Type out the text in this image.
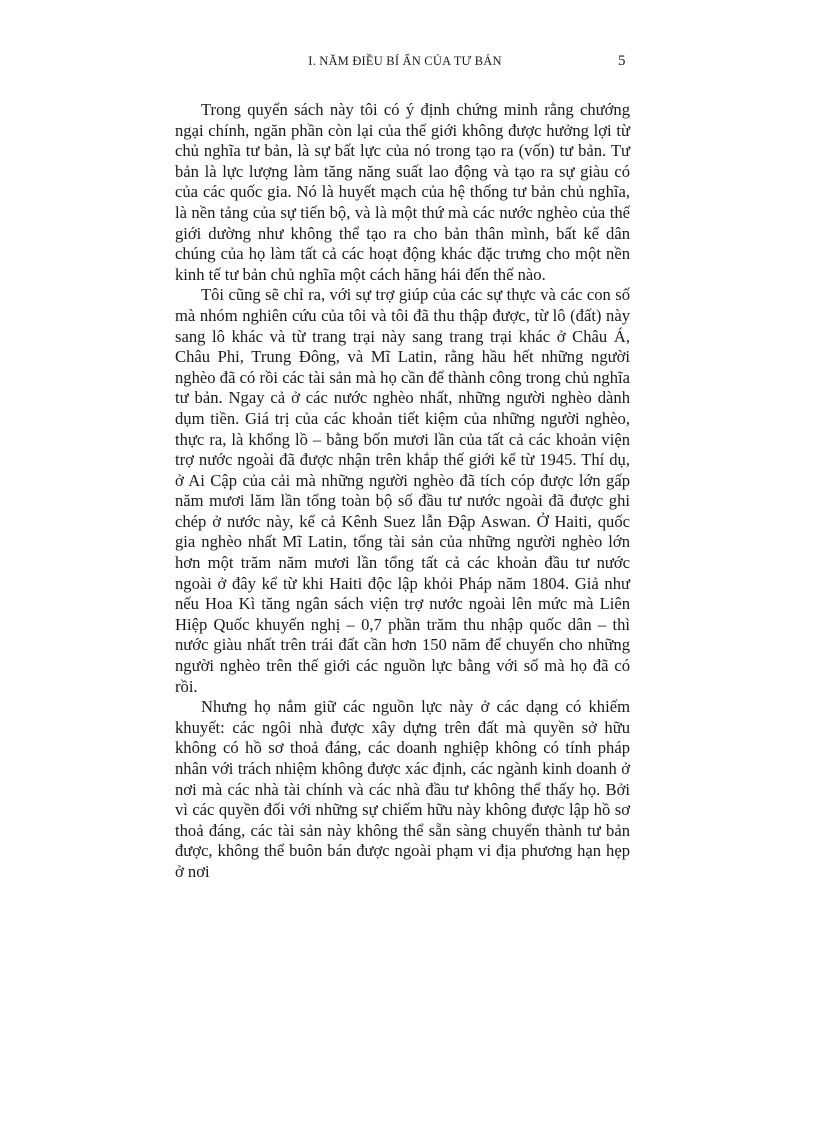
I. NĂM ĐIỀU BÍ ẨN CỦA TƯ BẢN	5

Trong quyển sách này tôi có ý định chứng minh rằng chướng ngại chính, ngăn phần còn lại của thế giới không được hưởng lợi từ chủ nghĩa tư bản, là sự bất lực của nó trong tạo ra (vốn) tư bản. Tư bản là lực lượng làm tăng năng suất lao động và tạo ra sự giàu có của các quốc gia. Nó là huyết mạch của hệ thống tư bản chủ nghĩa, là nền tảng của sự tiến bộ, và là một thứ mà các nước nghèo của thế giới dường như không thể tạo ra cho bản thân mình, bất kể dân chúng của họ làm tất cả các hoạt động khác đặc trưng cho một nền kinh tế tư bản chủ nghĩa một cách hăng hái đến thế nào.

Tôi cũng sẽ chỉ ra, với sự trợ giúp của các sự thực và các con số mà nhóm nghiên cứu của tôi và tôi đã thu thập được, từ lô (đất) này sang lô khác và từ trang trại này sang trang trại khác ở Châu Á, Châu Phi, Trung Đông, và Mĩ Latin, rằng hầu hết những người nghèo đã có rồi các tài sản mà họ cần để thành công trong chủ nghĩa tư bản. Ngay cả ở các nước nghèo nhất, những người nghèo dành dụm tiền. Giá trị của các khoản tiết kiệm của những người nghèo, thực ra, là khổng lồ – bằng bốn mươi lần của tất cả các khoản viện trợ nước ngoài đã được nhận trên khắp thế giới kể từ 1945. Thí dụ, ở Ai Cập của cải mà những người nghèo đã tích cóp được lớn gấp năm mươi lăm lần tổng toàn bộ số đầu tư nước ngoài đã được ghi chép ở nước này, kể cả Kênh Suez lẫn Đập Aswan. Ở Haiti, quốc gia nghèo nhất Mĩ Latin, tổng tài sản của những người nghèo lớn hơn một trăm năm mươi lần tổng tất cả các khoản đầu tư nước ngoài ở đây kể từ khi Haiti độc lập khỏi Pháp năm 1804. Giả như nếu Hoa Kì tăng ngân sách viện trợ nước ngoài lên mức mà Liên Hiệp Quốc khuyến nghị – 0,7 phần trăm thu nhập quốc dân – thì nước giàu nhất trên trái đất cần hơn 150 năm để chuyển cho những người nghèo trên thế giới các nguồn lực bằng với số mà họ đã có rồi.

Nhưng họ nắm giữ các nguồn lực này ở các dạng có khiếm khuyết: các ngôi nhà được xây dựng trên đất mà quyền sở hữu không có hồ sơ thoả đáng, các doanh nghiệp không có tính pháp nhân với trách nhiệm không được xác định, các ngành kinh doanh ở nơi mà các nhà tài chính và các nhà đầu tư không thể thấy họ. Bởi vì các quyền đối với những sự chiếm hữu này không được lập hồ sơ thoả đáng, các tài sản này không thể sẵn sàng chuyển thành tư bản được, không thể buôn bán được ngoài phạm vi địa phương hạn hẹp ở nơi
